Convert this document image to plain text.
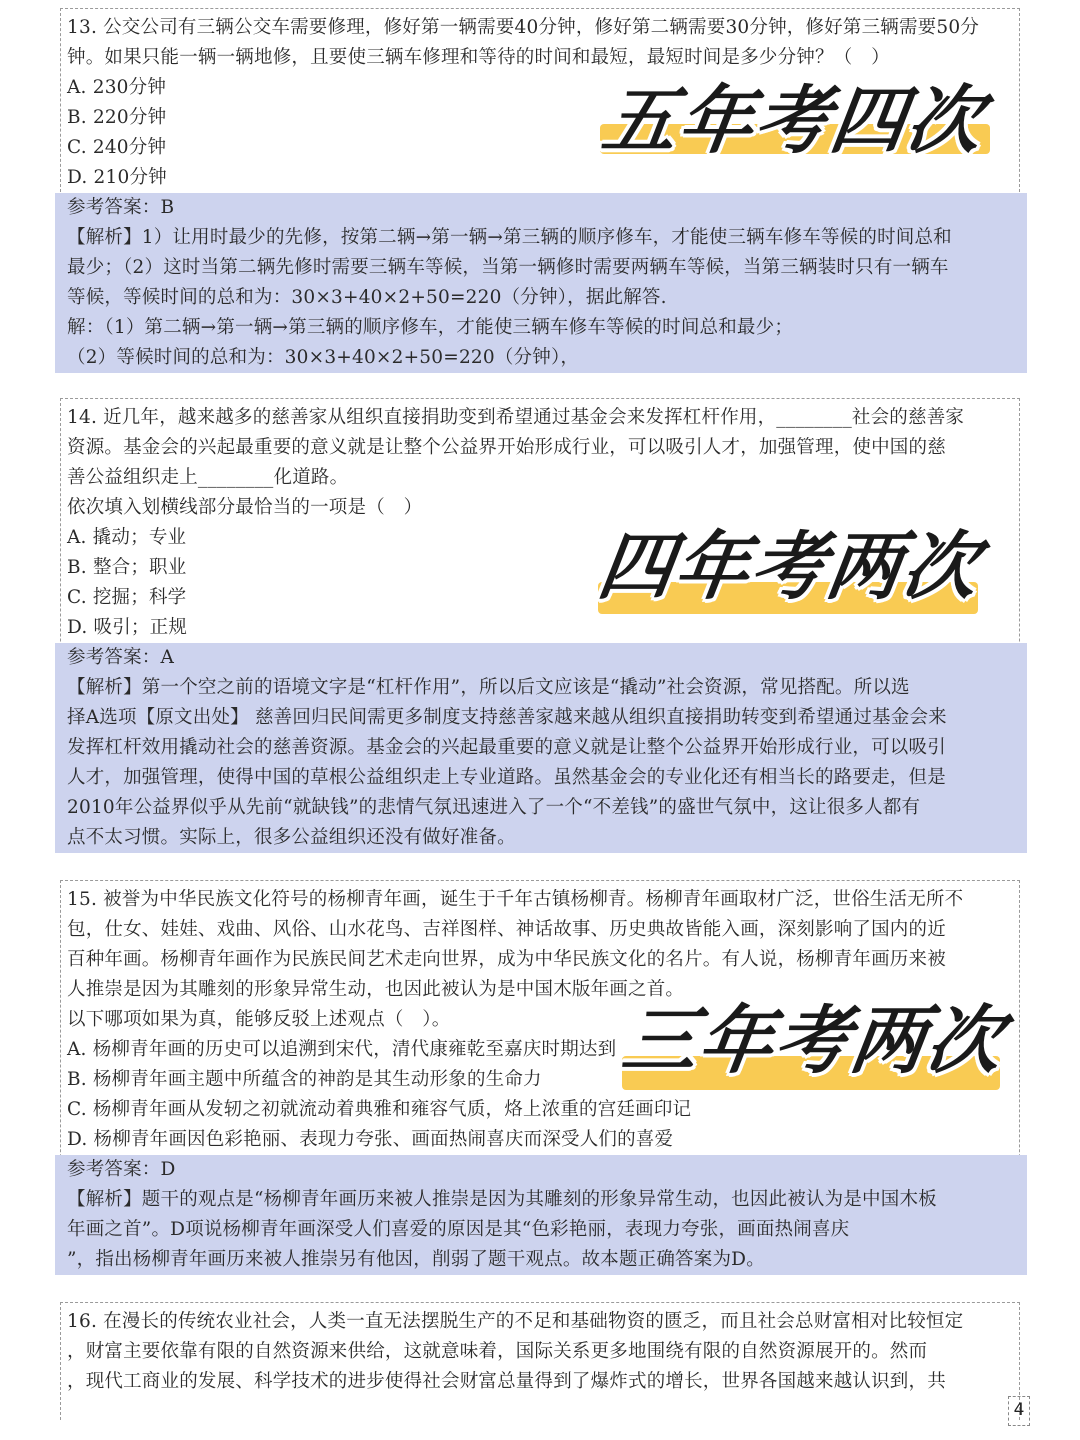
13. 公交公司有三辆公交车需要修理，修好第一辆需要40分钟，修好第二辆需要30分钟，修好第三辆需要50分
钟。如果只能一辆一辆地修，且要使三辆车修理和等待的时间和最短，最短时间是多少分钟？（　）
A. 230分钟
B. 220分钟
C. 240分钟
D. 210分钟
参考答案：B
【解析】1）让用时最少的先修，按第二辆→第一辆→第三辆的顺序修车，才能使三辆车修车等候的时间总和
最少；（2）这时当第二辆先修时需要三辆车等候，当第一辆修时需要两辆车等候，当第三辆装时只有一辆车
等候，等候时间的总和为：30×3+40×2+50=220（分钟），据此解答.
解：（1）第二辆→第一辆→第三辆的顺序修车，才能使三辆车修车等候的时间总和最少；
（2）等候时间的总和为：30×3+40×2+50=220（分钟），
五年考四次
14. 近几年，越来越多的慈善家从组织直接捐助变到希望通过基金会来发挥杠杆作用，________社会的慈善家
资源。基金会的兴起最重要的意义就是让整个公益界开始形成行业，可以吸引人才，加强管理，使中国的慈
善公益组织走上________化道路。
依次填入划横线部分最恰当的一项是（　）
A. 撬动；专业
B. 整合；职业
C. 挖掘；科学
D. 吸引；正规
参考答案：A
【解析】第一个空之前的语境文字是“杠杆作用”，所以后文应该是“撬动”社会资源，常见搭配。所以选
择A选项【原文出处】 慈善回归民间需更多制度支持慈善家越来越从组织直接捐助转变到希望通过基金会来
发挥杠杆效用撬动社会的慈善资源。基金会的兴起最重要的意义就是让整个公益界开始形成行业，可以吸引
人才，加强管理，使得中国的草根公益组织走上专业道路。虽然基金会的专业化还有相当长的路要走，但是
2010年公益界似乎从先前“就缺钱”的悲情气氛迅速进入了一个“不差钱”的盛世气氛中，这让很多人都有
点不太习惯。实际上，很多公益组织还没有做好准备。
四年考两次
15. 被誉为中华民族文化符号的杨柳青年画，诞生于千年古镇杨柳青。杨柳青年画取材广泛，世俗生活无所不
包，仕女、娃娃、戏曲、风俗、山水花鸟、吉祥图样、神话故事、历史典故皆能入画，深刻影响了国内的近
百种年画。杨柳青年画作为民族民间艺术走向世界，成为中华民族文化的名片。有人说，杨柳青年画历来被
人推崇是因为其雕刻的形象异常生动，也因此被认为是中国木版年画之首。
以下哪项如果为真，能够反驳上述观点（　）。
A. 杨柳青年画的历史可以追溯到宋代，清代康雍乾至嘉庆时期达到
B. 杨柳青年画主题中所蕴含的神韵是其生动形象的生命力
C. 杨柳青年画从发轫之初就流动着典雅和雍容气质，烙上浓重的宫廷画印记
D. 杨柳青年画因色彩艳丽、表现力夸张、画面热闹喜庆而深受人们的喜爱
参考答案：D
【解析】题干的观点是“杨柳青年画历来被人推崇是因为其雕刻的形象异常生动，也因此被认为是中国木板
年画之首”。D项说杨柳青年画深受人们喜爱的原因是其“色彩艳丽，表现力夸张，画面热闹喜庆
”，指出杨柳青年画历来被人推崇另有他因，削弱了题干观点。故本题正确答案为D。
三年考两次
16. 在漫长的传统农业社会，人类一直无法摆脱生产的不足和基础物资的匮乏，而且社会总财富相对比较恒定
，财富主要依靠有限的自然资源来供给，这就意味着，国际关系更多地围绕有限的自然资源展开的。然而
，现代工商业的发展、科学技术的进步使得社会财富总量得到了爆炸式的增长，世界各国越来越认识到，共
4
